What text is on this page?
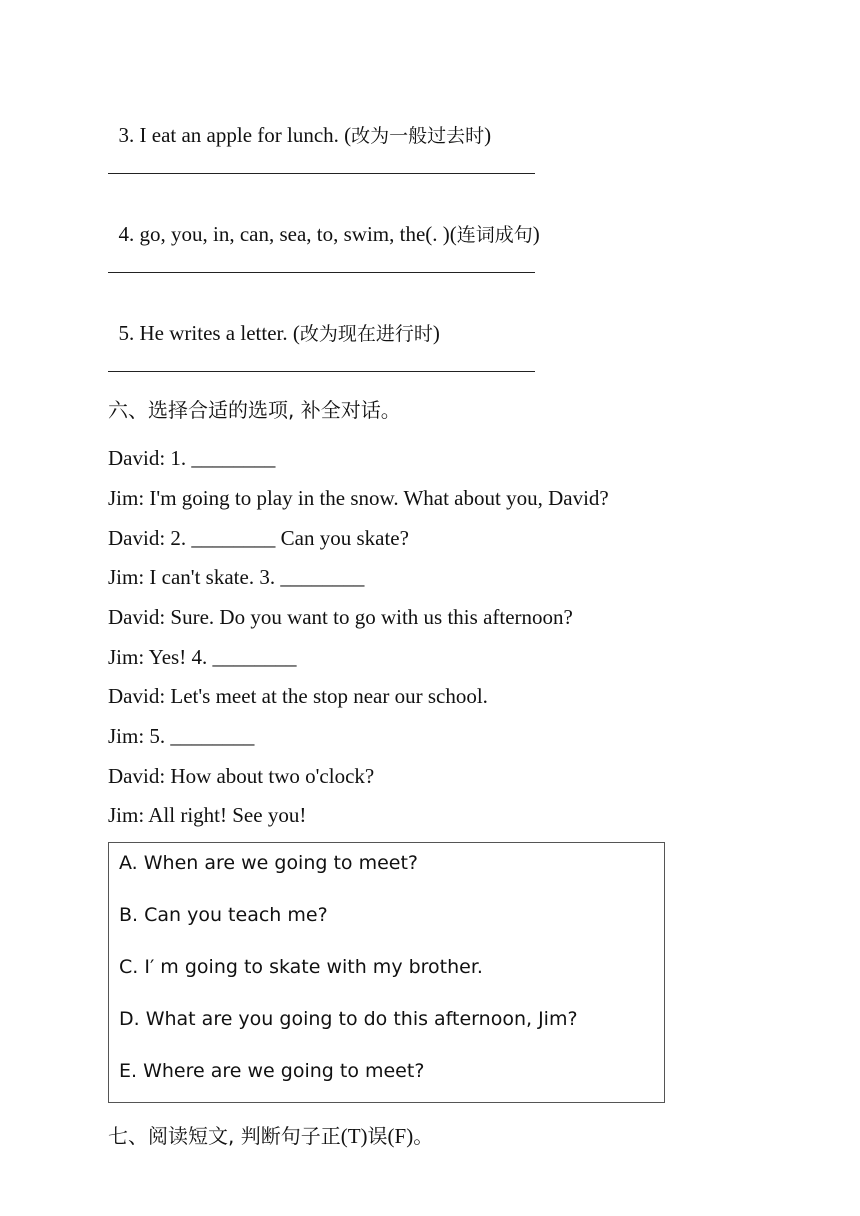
3. I eat an apple for lunch. (改为一般过去时)

4. go, you, in, can, sea, to, swim, the(. )(连词成句)

5. He writes a letter. (改为现在进行时)

六、选择合适的选项, 补全对话。
David: 1. ________
Jim: I'm going to play in the snow. What about you, David?
David: 2. ________ Can you skate?
Jim: I can't skate. 3. ________
David: Sure. Do you want to go with us this afternoon?
Jim: Yes! 4. ________
David: Let's meet at the stop near our school.
Jim: 5. ________
David: How about two o'clock?
Jim: All right! See you!
A. When are we going to meet?
B. Can you teach me?
C. I′ m going to skate with my brother.
D. What are you going to do this afternoon, Jim?
E. Where are we going to meet?
七、阅读短文, 判断句子正(T)误(F)。
